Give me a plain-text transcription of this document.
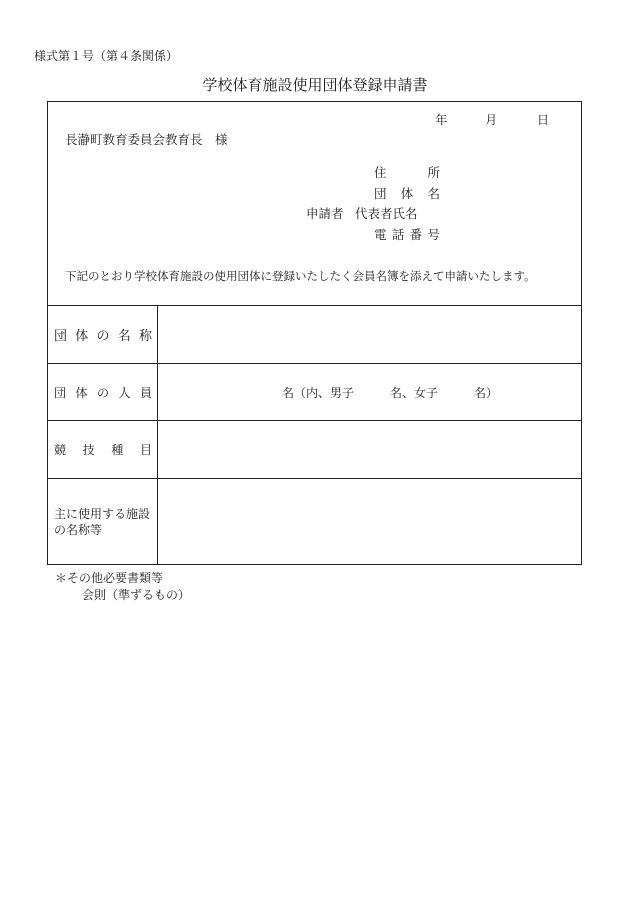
様式第１号（第４条関係）
学校体育施設使用団体登録申請書
年	月	日
長瀞町教育委員会教育長　様
住	所
団 体 名
申請者 代表者氏名
電 話 番 号
下記のとおり学校体育施設の使用団体に登録いたしたく会員名簿を添えて申請いたします。
団 体 の 名 称	

団 体 の 人 員	名（内、男子　　　名、女子　　　名）

競 技 種 目	

主に使用する施設
の名称等	

＊その他必要書類等
会則（準ずるもの）
